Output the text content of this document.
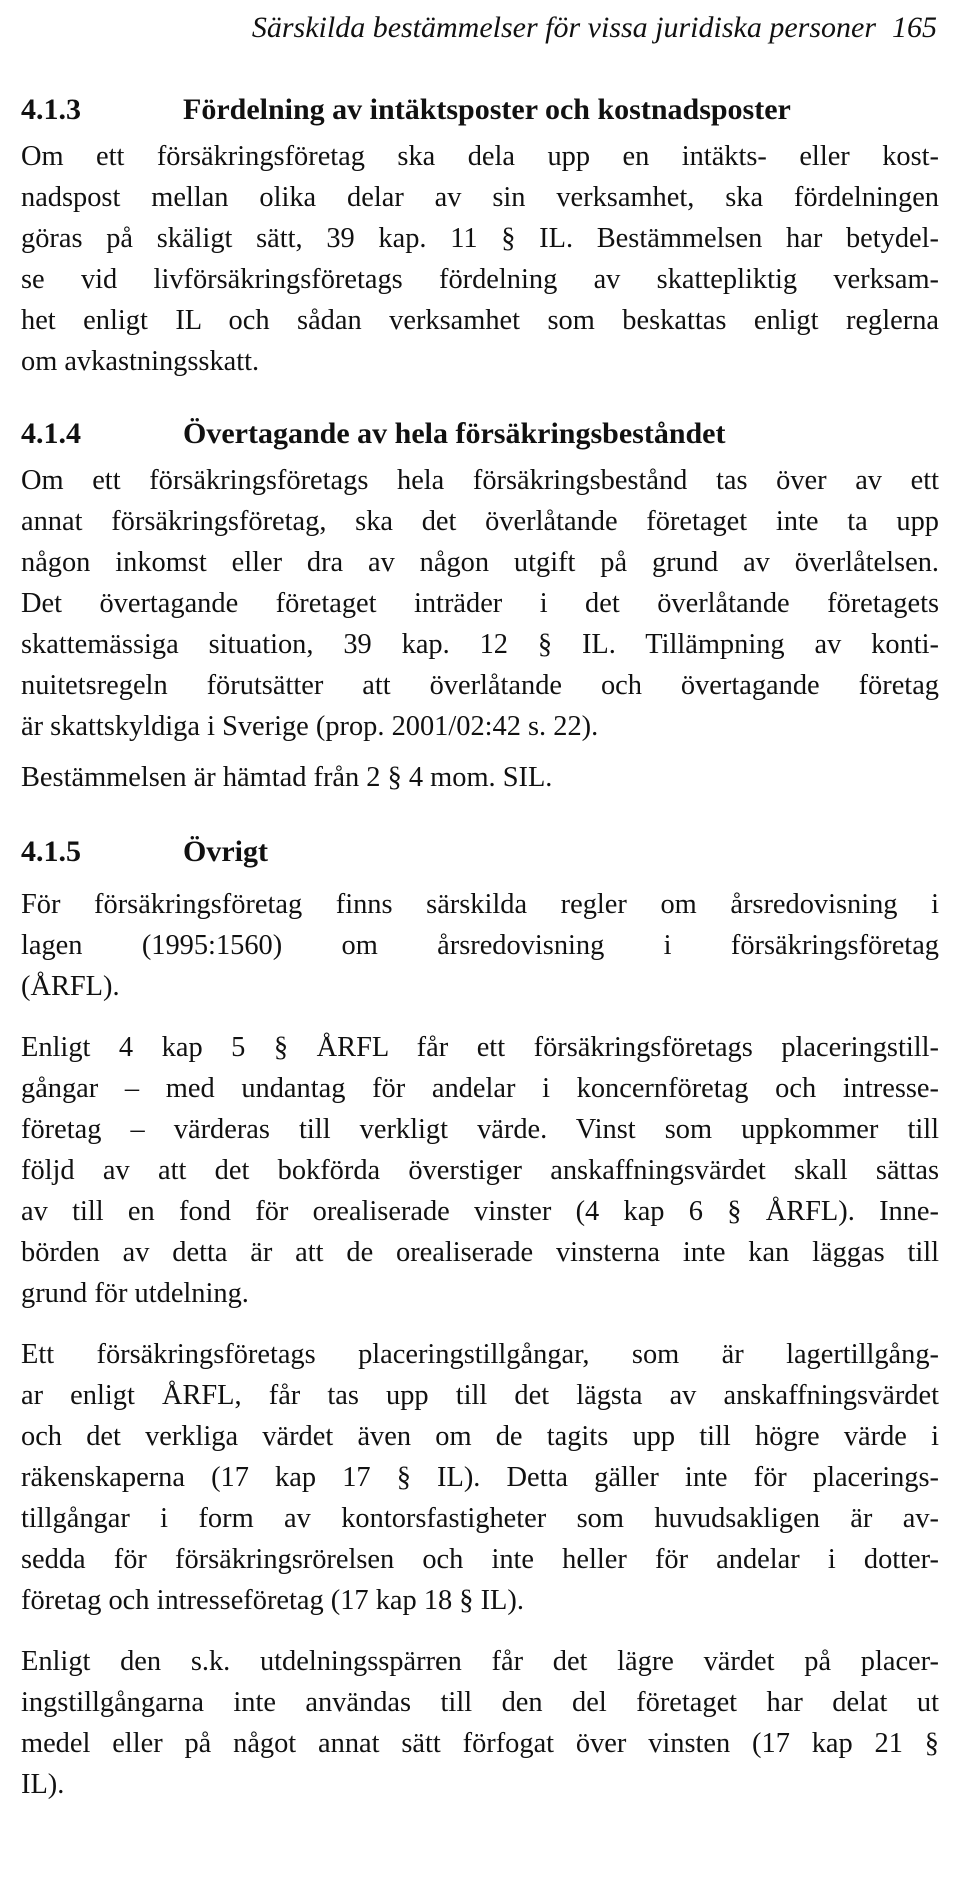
Särskilda bestämmelser för vissa juridiska personer 165
4.1.3	Fördelning av intäktsposter och kostnadsposter

Om ett försäkringsföretag ska dela upp en intäkts- eller kost-
nadspost mellan olika delar av sin verksamhet, ska fördelningen
göras på skäligt sätt, 39 kap. 11 § IL. Bestämmelsen har betydel-
se vid livförsäkringsföretags fördelning av skattepliktig verksam-
het enligt IL och sådan verksamhet som beskattas enligt reglerna
om avkastningsskatt.

4.1.4	Övertagande av hela försäkringsbeståndet

Om ett försäkringsföretags hela försäkringsbestånd tas över av ett
annat försäkringsföretag, ska det överlåtande företaget inte ta upp
någon inkomst eller dra av någon utgift på grund av överlåtelsen.
Det övertagande företaget inträder i det överlåtande företagets
skattemässiga situation, 39 kap. 12 § IL. Tillämpning av konti-
nuitetsregeln förutsätter att överlåtande och övertagande företag
är skattskyldiga i Sverige (prop. 2001/02:42 s. 22).

Bestämmelsen är hämtad från 2 § 4 mom. SIL.

4.1.5	Övrigt

För försäkringsföretag finns särskilda regler om årsredovisning i
lagen (1995:1560) om årsredovisning i försäkringsföretag
(ÅRFL).

Enligt 4 kap 5 § ÅRFL får ett försäkringsföretags placeringstill-
gångar – med undantag för andelar i koncernföretag och intresse-
företag – värderas till verkligt värde. Vinst som uppkommer till
följd av att det bokförda överstiger anskaffningsvärdet skall sättas
av till en fond för orealiserade vinster (4 kap 6 § ÅRFL). Inne-
börden av detta är att de orealiserade vinsterna inte kan läggas till
grund för utdelning.

Ett försäkringsföretags placeringstillgångar, som är lagertillgång-
ar enligt ÅRFL, får tas upp till det lägsta av anskaffningsvärdet
och det verkliga värdet även om de tagits upp till högre värde i
räkenskaperna (17 kap 17 § IL). Detta gäller inte för placerings-
tillgångar i form av kontorsfastigheter som huvudsakligen är av-
sedda för försäkringsrörelsen och inte heller för andelar i dotter-
företag och intresseföretag (17 kap 18 § IL).

Enligt den s.k. utdelningsspärren får det lägre värdet på placer-
ingstillgångarna inte användas till den del företaget har delat ut
medel eller på något annat sätt förfogat över vinsten (17 kap 21 §
IL).
